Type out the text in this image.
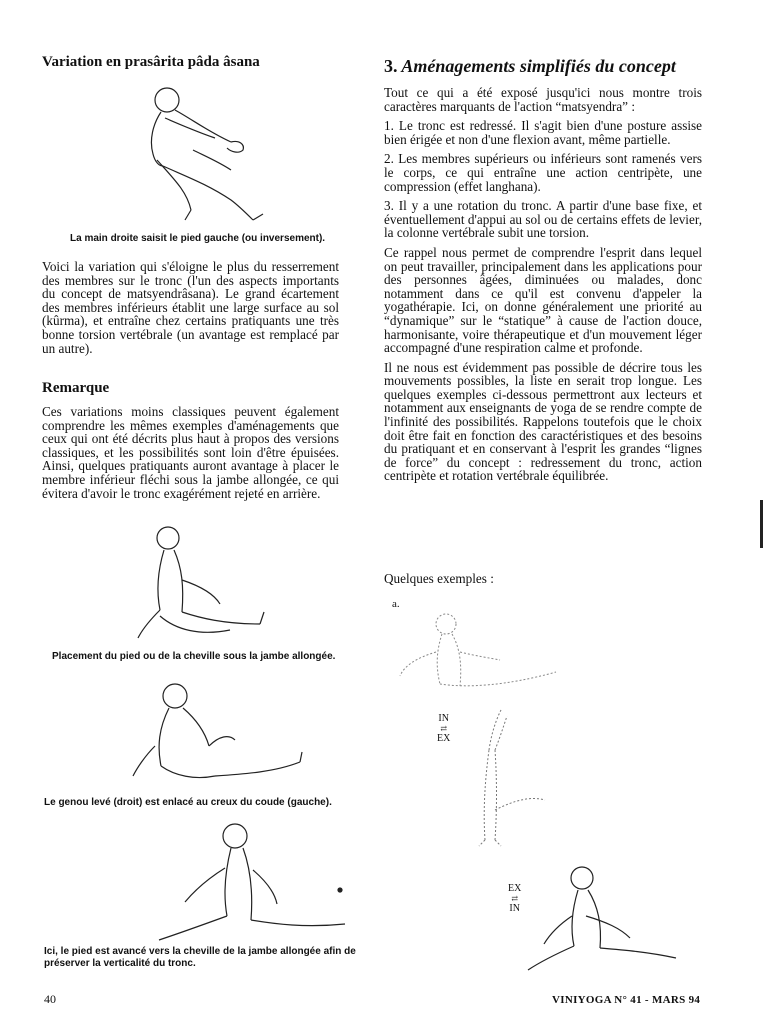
Variation en prasârita pâda âsana
La main droite saisit le pied gauche (ou inversement).
Voici la variation qui s'éloigne le plus du resserrement des membres sur le tronc (l'un des aspects importants du concept de matsyendrâsana). Le grand écartement des membres inférieurs établit une large surface au sol (kûrma), et entraîne chez certains pratiquants une très bonne torsion vertébrale (un avantage est remplacé par un autre).
Remarque
Ces variations moins classiques peuvent également comprendre les mêmes exemples d'aménagements que ceux qui ont été décrits plus haut à propos des versions classiques, et les possibilités sont loin d'être épuisées. Ainsi, quelques pratiquants auront avantage à placer le membre inférieur fléchi sous la jambe allongée, ce qui évitera d'avoir le tronc exagérément rejeté en arrière.
Placement du pied ou de la cheville sous la jambe allongée.
Le genou levé (droit) est enlacé au creux du coude (gauche).
Ici, le pied est avancé vers la cheville de la jambe allongée afin de préserver la verticalité du tronc.
3. Aménagements simplifiés du concept

Tout ce qui a été exposé jusqu'ici nous montre trois caractères marquants de l'action “matsyendra” :

1. Le tronc est redressé. Il s'agit bien d'une posture assise bien érigée et non d'une flexion avant, même partielle.

2. Les membres supérieurs ou inférieurs sont ramenés vers le corps, ce qui entraîne une action centripète, une compression (effet langhana).

3. Il y a une rotation du tronc. A partir d'une base fixe, et éventuellement d'appui au sol ou de certains effets de levier, la colonne vertébrale subit une torsion.

Ce rappel nous permet de comprendre l'esprit dans lequel on peut travailler, principalement dans les applications pour des personnes âgées, diminuées ou malades, donc notamment dans ce qu'il est convenu d'appeler la yogathérapie. Ici, on donne généralement une priorité au “dynamique” sur le “statique” à cause de l'action douce, harmonisante, voire thérapeutique et d'un mouvement léger accompagné d'une respiration calme et profonde.

Il ne nous est évidemment pas possible de décrire tous les mouvements possibles, la liste en serait trop longue. Les quelques exemples ci-dessous permettront aux lecteurs et notamment aux enseignants de yoga de se rendre compte de l'infinité des possibilités. Rappelons toutefois que le choix doit être fait en fonction des caractéristiques et des besoins du pratiquant et en conservant à l'esprit les grandes “lignes de force” du concept : redressement du tronc, action centripète et rotation vertébrale équilibrée.

Quelques exemples :
a.
IN
⇄
EX
EX
⇄
IN
40	VINIYOGA N° 41 - MARS 94
